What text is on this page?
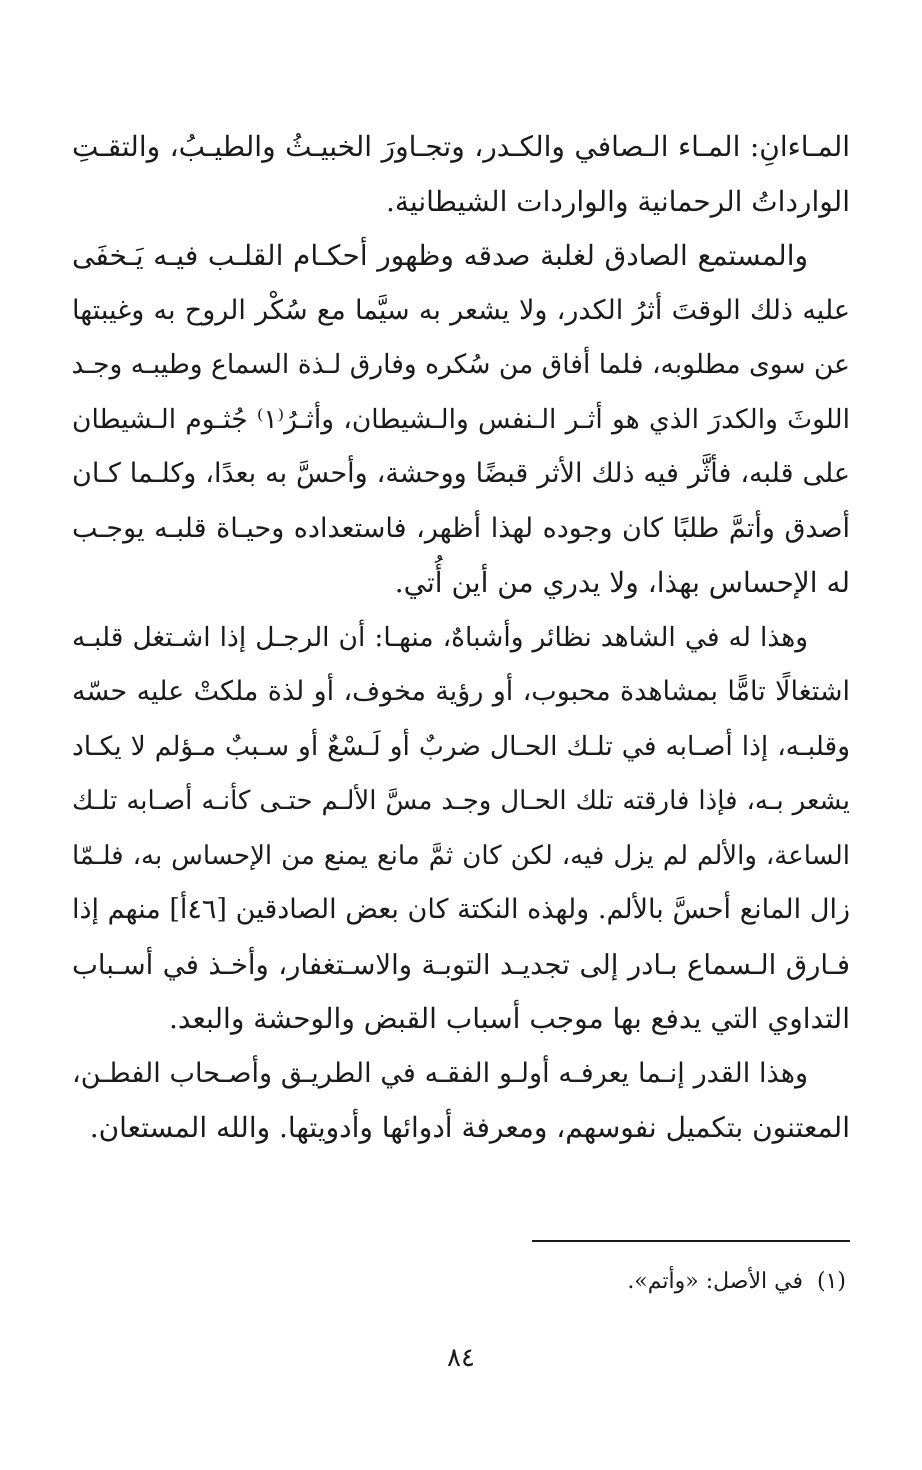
المـاءانِ: المـاء الـصافي والكـدر، وتجـاورَ الخبيـثُ والطيـبُ، والتقـتِ
الوارداتُ الرحمانية والواردات الشيطانية.
والمستمع الصادق لغلبة صدقه وظهور أحكـام القلـب فيـه يَـخفَى
عليه ذلك الوقتَ أثرُ الكدر، ولا يشعر به سيَّما مع سُكْر الروح به وغيبتها
عن سوى مطلوبه، فلما أفاق من سُكره وفارق لـذة السماع وطيبـه وجـد
اللوثَ والكدرَ الذي هو أثـر الـنفس والـشيطان، وأثـرُ⁽١⁾ جُثـوم الـشيطان
على قلبه، فأثَّر فيه ذلك الأثر قبضًا ووحشة، وأحسَّ به بعدًا، وكلـما كـان
أصدق وأتمَّ طلبًا كان وجوده لهذا أظهر، فاستعداده وحيـاة قلبـه يوجـب
له الإحساس بهذا، ولا يدري من أين أُتي.
وهذا له في الشاهد نظائر وأشباهٌ، منهـا: أن الرجـل إذا اشـتغل قلبـه
اشتغالًا تامًّا بمشاهدة محبوب، أو رؤية مخوف، أو لذة ملكتْ عليه حسّه
وقلبـه، إذا أصـابه في تلـك الحـال ضربٌ أو لَـسْعٌ أو سـببٌ مـؤلم لا يكـاد
يشعر بـه، فإذا فارقته تلك الحـال وجـد مسَّ الألـم حتـى كأنـه أصـابه تلـك
الساعة، والألم لم يزل فيه، لكن كان ثمَّ مانع يمنع من الإحساس به، فلـمّا
زال المانع أحسَّ بالألم. ولهذه النكتة كان بعض الصادقين [٤٦أ] منهم إذا
فـارق الـسماع بـادر إلى تجديـد التوبـة والاسـتغفار، وأخـذ في أسـباب
التداوي التي يدفع بها موجب أسباب القبض والوحشة والبعد.
وهذا القدر إنـما يعرفـه أولـو الفقـه في الطريـق وأصـحاب الفطـن،
المعتنون بتكميل نفوسهم، ومعرفة أدوائها وأدويتها. والله المستعان.
(١)في الأصل: «وأتم».
٨٤
